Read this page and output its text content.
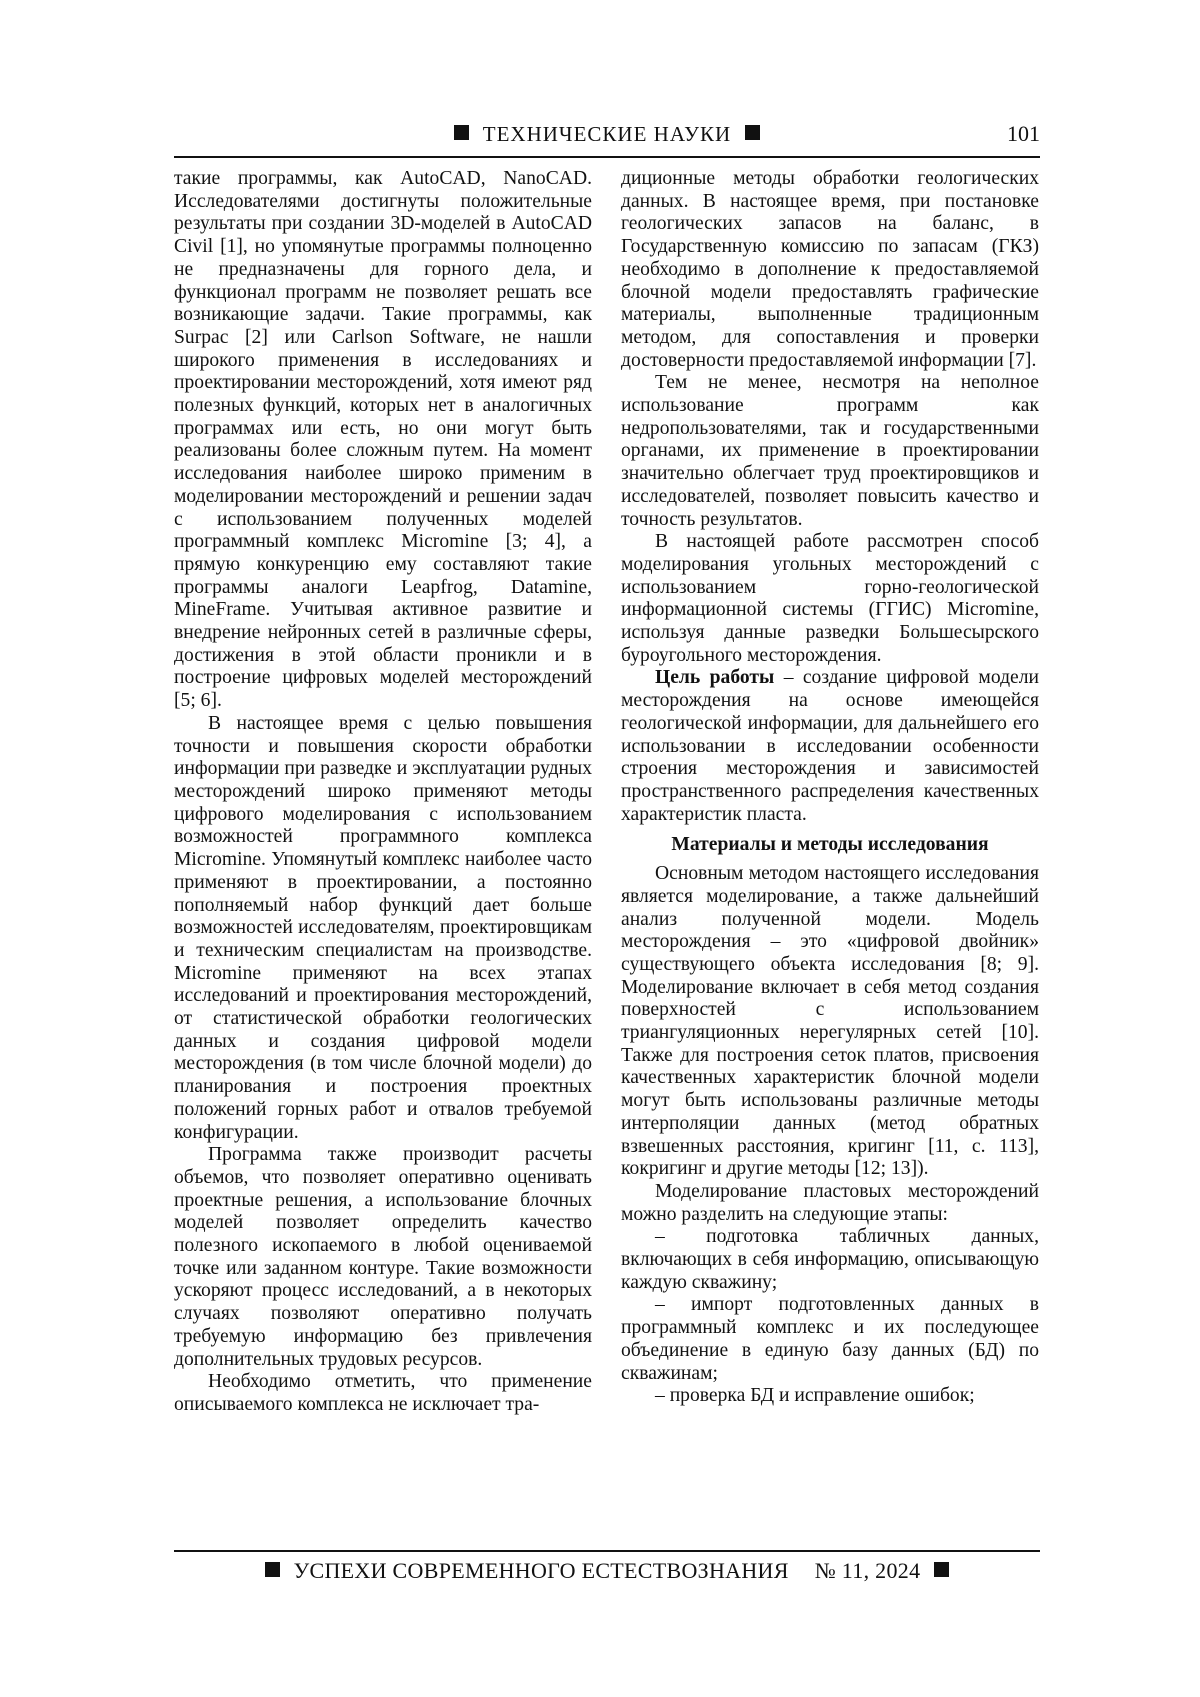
ТЕХНИЧЕСКИЕ НАУКИ	101

такие программы, как AutoCAD, NanoCAD. Исследователями достигнуты положительные результаты при создании 3D-моделей в AutoCAD Civil [1], но упомянутые программы полноценно не предназначены для горного дела, и функционал программ не позволяет решать все возникающие задачи. Такие программы, как Surpac [2] или Carlson Software, не нашли широкого применения в исследованиях и проектировании месторождений, хотя имеют ряд полезных функций, которых нет в аналогичных программах или есть, но они могут быть реализованы более сложным путем. На момент исследования наиболее широко применим в моделировании месторождений и решении задач с использованием полученных моделей программный комплекс Micromine [3; 4], а прямую конкуренцию ему составляют такие программы аналоги Leapfrog, Datamine, MineFrame. Учитывая активное развитие и внедрение нейронных сетей в различные сферы, достижения в этой области проникли и в построение цифровых моделей месторождений [5; 6].

В настоящее время с целью повышения точности и повышения скорости обработки информации при разведке и эксплуатации рудных месторождений широко применяют методы цифрового моделирования с использованием возможностей программного комплекса Micromine. Упомянутый комплекс наиболее часто применяют в проектировании, а постоянно пополняемый набор функций дает больше возможностей исследователям, проектировщикам и техническим специалистам на производстве. Micromine применяют на всех этапах исследований и проектирования месторождений, от статистической обработки геологических данных и создания цифровой модели месторождения (в том числе блочной модели) до планирования и построения проектных положений горных работ и отвалов требуемой конфигурации.

Программа также производит расчеты объемов, что позволяет оперативно оценивать проектные решения, а использование блочных моделей позволяет определить качество полезного ископаемого в любой оцениваемой точке или заданном контуре. Такие возможности ускоряют процесс исследований, а в некоторых случаях позволяют оперативно получать требуемую информацию без привлечения дополнительных трудовых ресурсов.

Необходимо отметить, что применение описываемого комплекса не исключает тра-

диционные методы обработки геологических данных. В настоящее время, при постановке геологических запасов на баланс, в Государственную комиссию по запасам (ГКЗ) необходимо в дополнение к предоставляемой блочной модели предоставлять графические материалы, выполненные традиционным методом, для сопоставления и проверки достоверности предоставляемой информации [7].

Тем не менее, несмотря на неполное использование программ как недропользователями, так и государственными органами, их применение в проектировании значительно облегчает труд проектировщиков и исследователей, позволяет повысить качество и точность результатов.

В настоящей работе рассмотрен способ моделирования угольных месторождений с использованием горно-геологической информационной системы (ГГИС) Micromine, используя данные разведки Большесырского буроугольного месторождения.

Цель работы – создание цифровой модели месторождения на основе имеющейся геологической информации, для дальнейшего его использовании в исследовании особенности строения месторождения и зависимостей пространственного распределения качественных характеристик пласта.

Материалы и методы исследования

Основным методом настоящего исследования является моделирование, а также дальнейший анализ полученной модели. Модель месторождения – это «цифровой двойник» существующего объекта исследования [8; 9]. Моделирование включает в себя метод создания поверхностей с использованием триангуляционных нерегулярных сетей [10]. Также для построения сеток платов, присвоения качественных характеристик блочной модели могут быть использованы различные методы интерполяции данных (метод обратных взвешенных расстояния, кригинг [11, с. 113], кокригинг и другие методы [12; 13]).

Моделирование пластовых месторождений можно разделить на следующие этапы:

– подготовка табличных данных, включающих в себя информацию, описывающую каждую скважину;

– импорт подготовленных данных в программный комплекс и их последующее объединение в единую базу данных (БД) по скважинам;

– проверка БД и исправление ошибок;

УСПЕХИ СОВРЕМЕННОГО ЕСТЕСТВОЗНАНИЯ № 11, 2024
